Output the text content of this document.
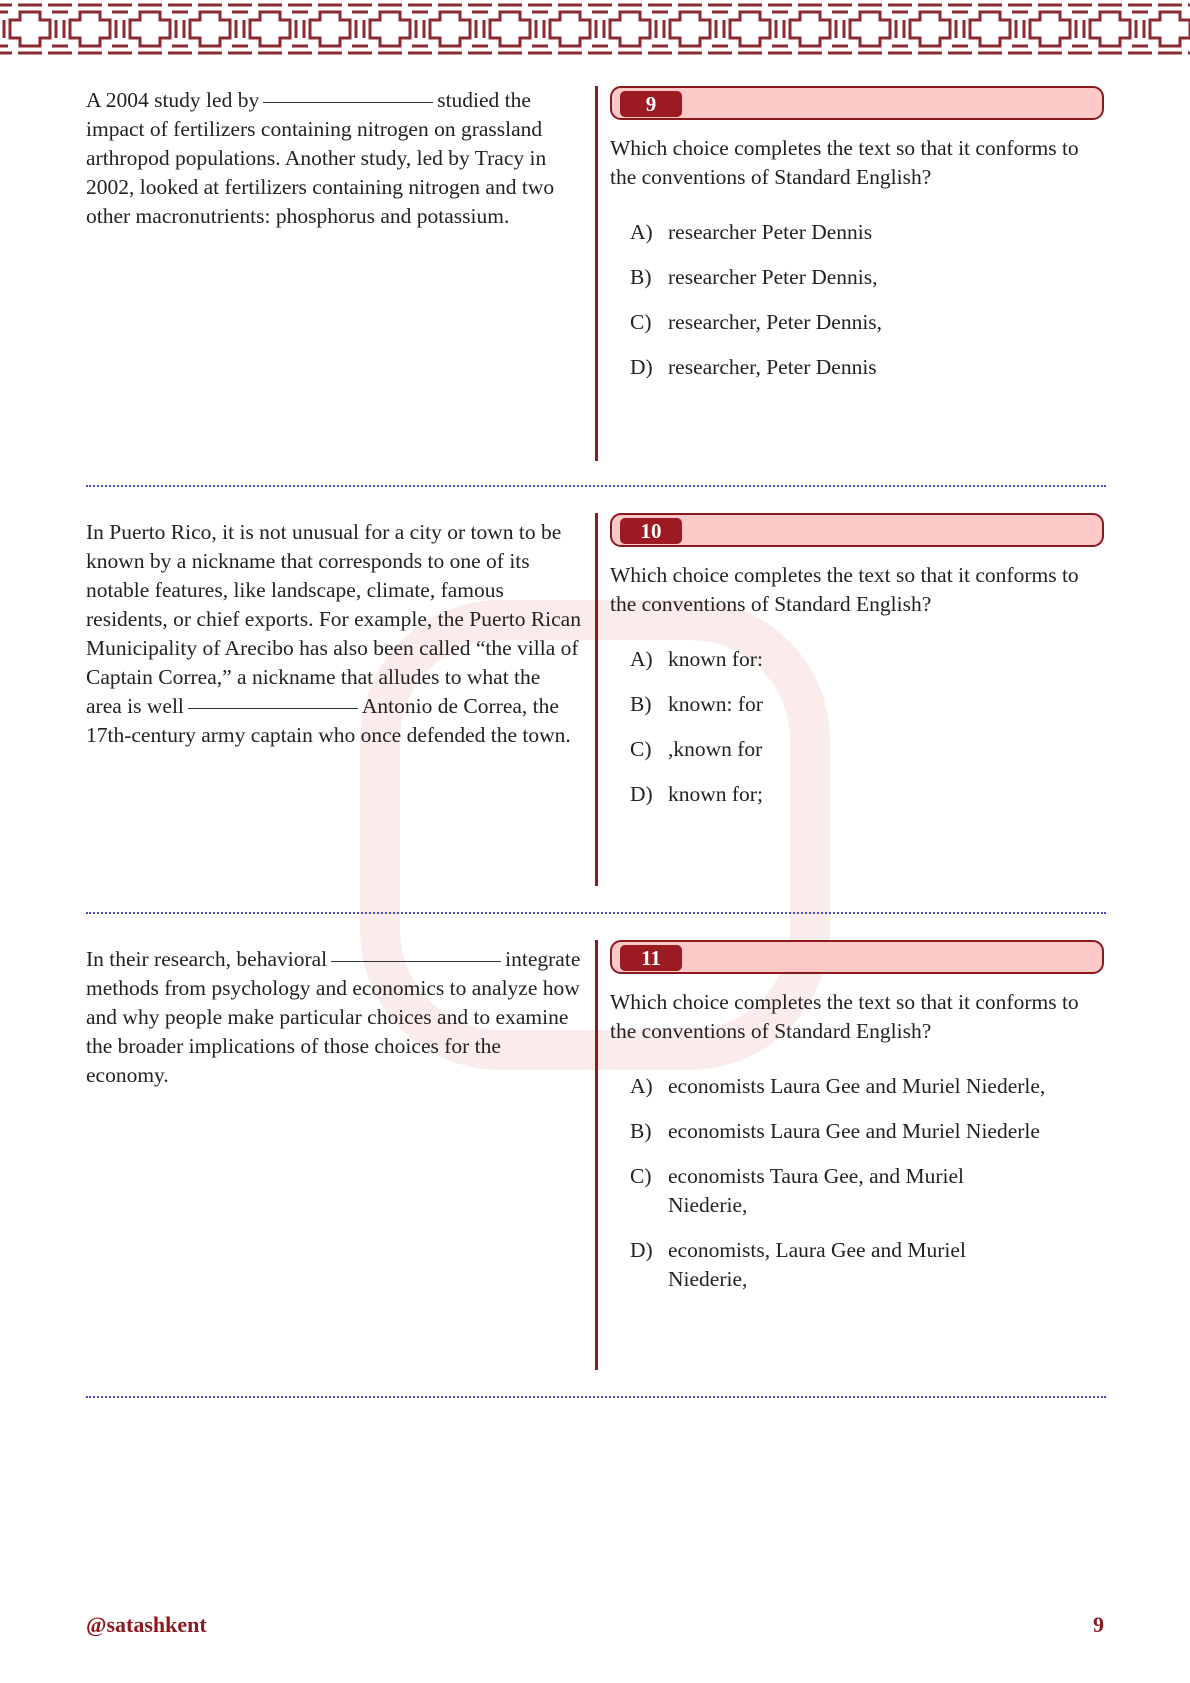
A 2004 study led by	studied the impact of fertilizers containing nitrogen on grassland arthropod populations. Another study, led by Tracy in 2002, looked at fertilizers containing nitrogen and two other macronutrients: phosphorus and potassium.
9
Which choice completes the text so that it conforms to the conventions of Standard English?
A) researcher Peter Dennis
B) researcher Peter Dennis,
C) researcher, Peter Dennis,
D) researcher, Peter Dennis
In Puerto Rico, it is not unusual for a city or town to be known by a nickname that corresponds to one of its notable features, like landscape, climate, famous residents, or chief exports. For example, the Puerto Rican Municipality of Arecibo has also been called “the villa of Captain Correa,” a nickname that alludes to what the area is well	Antonio de Correa, the 17th-century army captain who once defended the town.
10
Which choice completes the text so that it conforms to the conventions of Standard English?
A) known for:
B) known: for
C) ,known for
D) known for;
In their research, behavioral	integrate methods from psychology and economics to analyze how and why people make particular choices and to examine the broader implications of those choices for the economy.
11
Which choice completes the text so that it conforms to the conventions of Standard English?
A) economists Laura Gee and Muriel Niederle,
B) economists Laura Gee and Muriel Niederle
C) economists Taura Gee, and Muriel Niederie,
D) economists, Laura Gee and Muriel Niederie,
@satashkent	9
